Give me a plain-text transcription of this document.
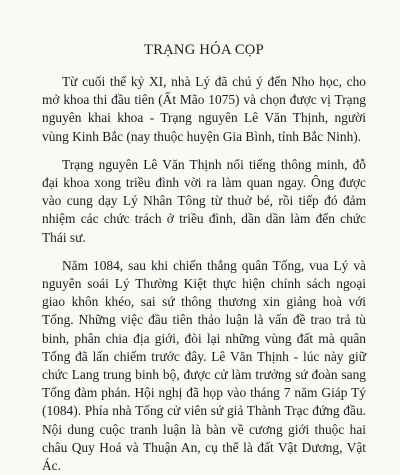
TRẠNG HÓA CỌP

Từ cuối thế kỷ XI, nhà Lý đã chú ý đến Nho học, cho mở khoa thi đầu tiên (Ất Mão 1075) và chọn được vị Trạng nguyên khai khoa - Trạng nguyên Lê Văn Thịnh, người vùng Kinh Bắc (nay thuộc huyện Gia Bình, tỉnh Bắc Ninh).

Trạng nguyên Lê Văn Thịnh nổi tiếng thông minh, đỗ đại khoa xong triều đình vời ra làm quan ngay. Ông được vào cung dạy Lý Nhân Tông từ thuở bé, rồi tiếp đó đảm nhiệm các chức trách ở triều đình, dần dần làm đến chức Thái sư.

Năm 1084, sau khi chiến thắng quân Tống, vua Lý và nguyên soái Lý Thường Kiệt thực hiện chính sách ngoại giao khôn khéo, sai sứ thông thương xin giảng hoà với Tống. Những việc đầu tiên thảo luận là vấn đề trao trả tù binh, phân chia địa giới, đòi lại những vùng đất mà quân Tống đã lấn chiếm trước đây. Lê Văn Thịnh - lúc này giữ chức Lang trung binh bộ, được cử làm trưởng sứ đoàn sang Tống đàm phán. Hội nghị đã họp vào tháng 7 năm Giáp Tý (1084). Phía nhà Tống cử viên sứ giả Thành Trạc đứng đầu. Nội dung cuộc tranh luận là bàn về cương giới thuộc hai châu Quy Hoá và Thuận An, cụ thể là đất Vật Dương, Vật Ác.
